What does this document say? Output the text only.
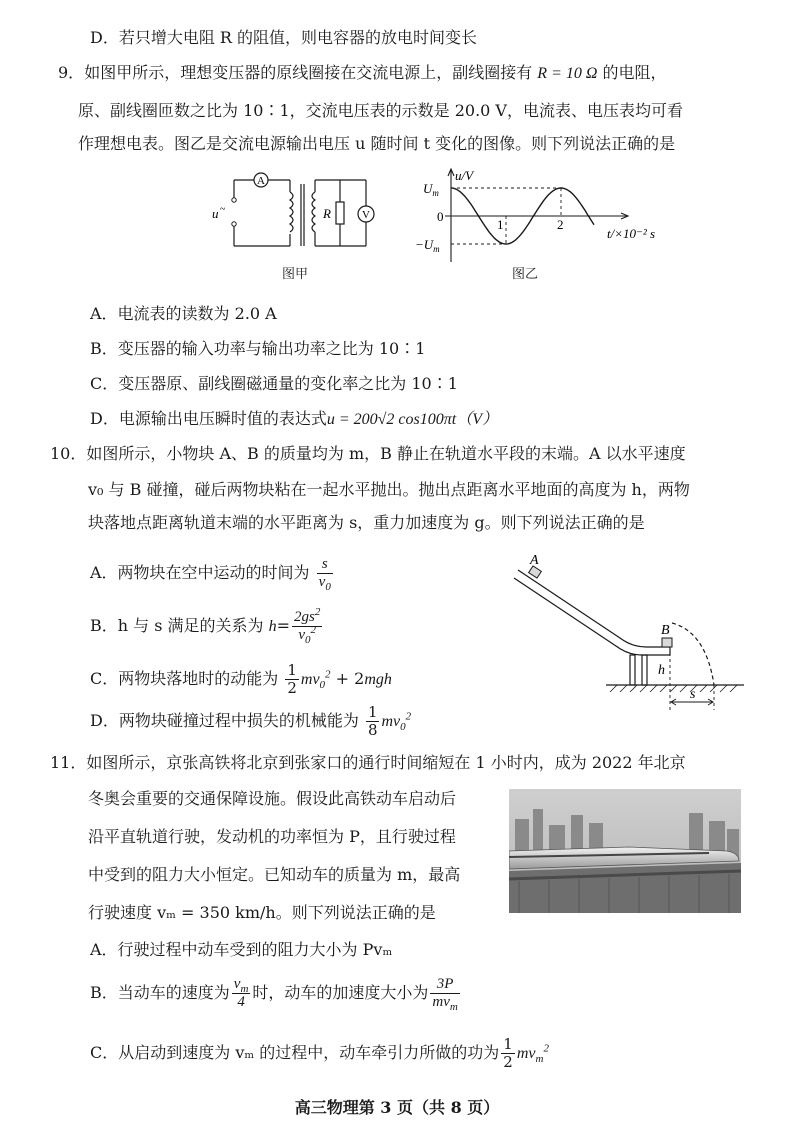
D．若只增大电阻 R 的阻值，则电容器的放电时间变长
9．如图甲所示，理想变压器的原线圈接在交流电源上，副线圈接有 R = 10 Ω 的电阻，
原、副线圈匝数之比为 10∶1，交流电压表的示数是 20.0 V，电流表、电压表均可看
作理想电表。图乙是交流电源输出电压 u 随时间 t 变化的图像。则下列说法正确的是
u ~
A
R	V
图甲
u/V
$U_m$
0
$-U_m$
1	2
t/×10⁻² s
图乙
A．电流表的读数为 2.0 A
B．变压器的输入功率与输出功率之比为 10∶1
C．变压器原、副线圈磁通量的变化率之比为 10∶1
D．电源输出电压瞬时值的表达式u = 200√2 cos100πt（V）
10．如图所示，小物块 A、B 的质量均为 m，B 静止在轨道水平段的末端。A 以水平速度
v₀ 与 B 碰撞，碰后两物块粘在一起水平抛出。抛出点距离水平地面的高度为 h，两物
块落地点距离轨道末端的水平距离为 s，重力加速度为 g。则下列说法正确的是
A．两物块在空中运动的时间为 $\frac{s}{v_0}$
B．h 与 s 满足的关系为 $h= \frac{2gs^2}{v_0^2}$
C．两物块落地时的动能为 $\frac{1}{2} mv_0^2 + 2mgh$
D．两物块碰撞过程中损失的机械能为 $\frac{1}{8} mv_0^2$
A
B
h
s
11．如图所示，京张高铁将北京到张家口的通行时间缩短在 1 小时内，成为 2022 年北京
冬奥会重要的交通保障设施。假设此高铁动车启动后
沿平直轨道行驶，发动机的功率恒为 P，且行驶过程
中受到的阻力大小恒定。已知动车的质量为 m，最高
行驶速度 vₘ = 350 km/h。则下列说法正确的是
A．行驶过程中动车受到的阻力大小为 Pvₘ
B．当动车的速度为 $\frac{v_m}{4}$ 时，动车的加速度大小为 $\frac{3P}{mv_m}$
C．从启动到速度为 vₘ 的过程中，动车牵引力所做的功为 $\frac{1}{2} mv_m^2$
高三物理第 3 页（共 8 页）
